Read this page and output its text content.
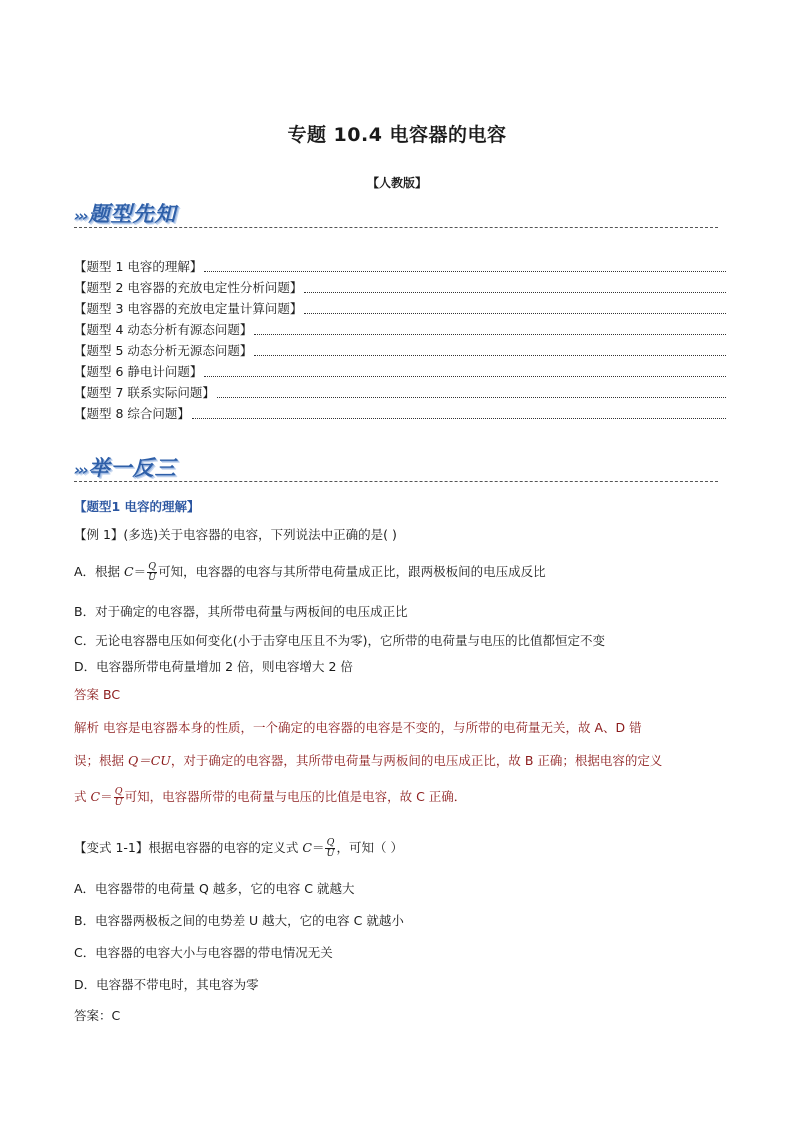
专题 10.4 电容器的电容
【人教版】
›››题型先知
【题型 1 电容的理解】
【题型 2 电容器的充放电定性分析问题】
【题型 3 电容器的充放电定量计算问题】
【题型 4 动态分析有源态问题】
【题型 5 动态分析无源态问题】
【题型 6 静电计问题】
【题型 7 联系实际问题】
【题型 8 综合问题】
›››举一反三
【题型1 电容的理解】
【例 1】(多选)关于电容器的电容，下列说法中正确的是( )
A．根据 $C= \frac{Q}{U}$ 可知，电容器的电容与其所带电荷量成正比，跟两极板间的电压成反比
B．对于确定的电容器，其所带电荷量与两板间的电压成正比
C．无论电容器电压如何变化(小于击穿电压且不为零)，它所带的电荷量与电压的比值都恒定不变
D．电容器所带电荷量增加 2 倍，则电容增大 2 倍
答案 BC
解析 电容是电容器本身的性质，一个确定的电容器的电容是不变的，与所带的电荷量无关，故 A、D 错
误；根据 Q＝CU，对于确定的电容器，其所带电荷量与两板间的电压成正比，故 B 正确；根据电容的定义
式 $C= \frac{Q}{U}$ 可知，电容器所带的电荷量与电压的比值是电容，故 C 正确．
【变式 1-1】根据电容器的电容的定义式 $C= \frac{Q}{U}$ ，可知（ ）
A．电容器带的电荷量 Q 越多，它的电容 C 就越大
B．电容器两极板之间的电势差 U 越大，它的电容 C 就越小
C．电容器的电容大小与电容器的带电情况无关
D．电容器不带电时，其电容为零
答案：C
